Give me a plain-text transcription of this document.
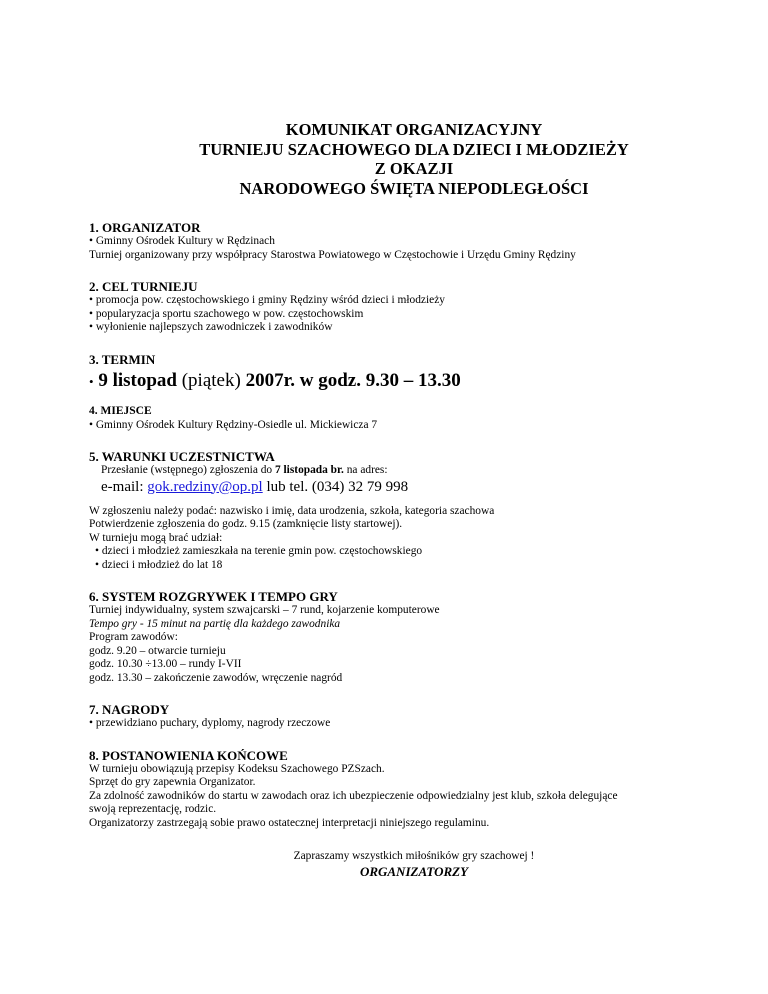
KOMUNIKAT ORGANIZACYJNY
TURNIEJU SZACHOWEGO DLA DZIECI I MŁODZIEŻY
Z OKAZJI
NARODOWEGO ŚWIĘTA NIEPODLEGŁOŚCI
1. ORGANIZATOR
• Gminny Ośrodek Kultury w Rędzinach
Turniej organizowany przy współpracy Starostwa Powiatowego w Częstochowie i Urzędu Gminy Rędziny
2. CEL TURNIEJU
• promocja pow. częstochowskiego i gminy Rędziny wśród dzieci i młodzieży
• popularyzacja sportu szachowego w pow. częstochowskim
• wyłonienie najlepszych zawodniczek i zawodników
3. TERMIN
• 9 listopad (piątek) 2007r. w godz. 9.30 – 13.30
4. MIEJSCE
• Gminny Ośrodek Kultury Rędziny-Osiedle ul. Mickiewicza 7
5. WARUNKI UCZESTNICTWA
Przesłanie (wstępnego) zgłoszenia do 7 listopada br. na adres:
e-mail: gok.redziny@op.pl lub tel. (034) 32 79 998
W zgłoszeniu należy podać: nazwisko i imię, data urodzenia, szkoła, kategoria szachowa
Potwierdzenie zgłoszenia do godz. 9.15 (zamknięcie listy startowej).
W turnieju mogą brać udział:
• dzieci i młodzież zamieszkała na terenie gmin pow. częstochowskiego
• dzieci i młodzież do lat 18
6. SYSTEM ROZGRYWEK I TEMPO GRY
Turniej indywidualny, system szwajcarski – 7 rund, kojarzenie komputerowe
Tempo gry - 15 minut na partię dla każdego zawodnika
Program zawodów:
godz. 9.20 – otwarcie turnieju
godz. 10.30 ÷13.00 – rundy I-VII
godz. 13.30 – zakończenie zawodów, wręczenie nagród
7. NAGRODY
• przewidziano puchary, dyplomy, nagrody rzeczowe
8. POSTANOWIENIA KOŃCOWE
W turnieju obowiązują przepisy Kodeksu Szachowego PZSzach.
Sprzęt do gry zapewnia Organizator.
Za zdolność zawodników do startu w zawodach oraz ich ubezpieczenie odpowiedzialny jest klub, szkoła delegujące
swoją reprezentację, rodzic.
Organizatorzy zastrzegają sobie prawo ostatecznej interpretacji niniejszego regulaminu.
Zapraszamy wszystkich miłośników gry szachowej !
ORGANIZATORZY
